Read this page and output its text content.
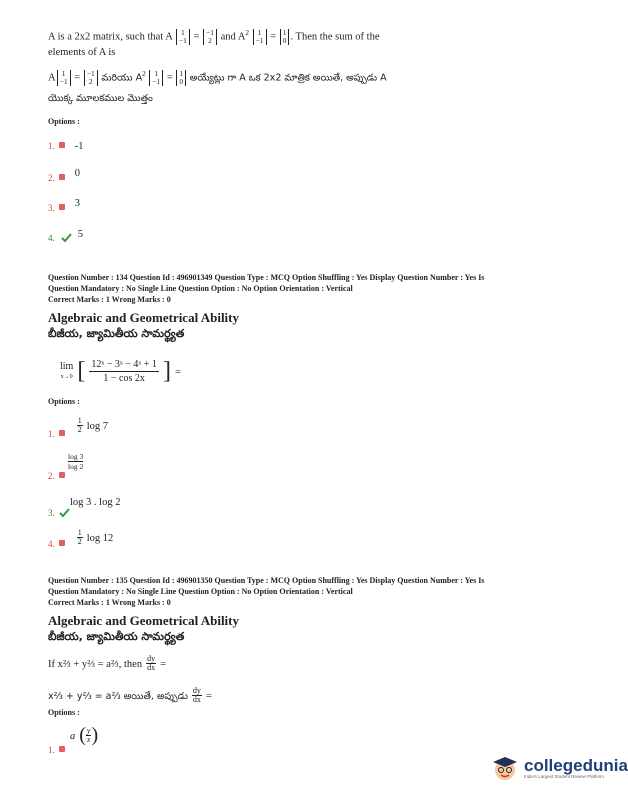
A is a 2x2 matrix, such that A 1
−1 = −1
2 and $A^2$ 1
−1 = 1
0 . Then the sum of the
elements of A is
A 1
−1 = −1
2 మరియు $A^2$ 1
−1 = 1
0 అయ్యేట్లు గా A ఒక 2x2 మాత్రిక అయితే, అప్పుడు A
యొక్క మూలకముల మొత్తం
Options :
1. -1
2. $^0$
3. $^3$
4. $^5$
Question Number : 134 Question Id : 496901349 Question Type : MCQ Option Shuffling : Yes Display Question Number : Yes Is
Question Mandatory : No Single Line Question Option : No Option Orientation : Vertical
Correct Marks : 1 Wrong Marks : 0
Algebraic and Geometrical Ability
బీజీయ, జ్యామితీయ సామర్థ్యత
lim
x→0 [ $\frac{\text{12ˣ − 3ˣ − 4ˣ + 1}}{1 - \cos 2x}$ ] =
Options :
$_{1.}$
$\frac{1}{2}$ log 7
$\frac{\log 3}{\log 2}$
2.
log 3 . log 2
3.
$_{4.}$	$\frac{1}{2}$ log 12
Question Number : 135 Question Id : 496901350 Question Type : MCQ Option Shuffling : Yes Display Question Number : Yes Is
Question Mandatory : No Single Line Question Option : No Option Orientation : Vertical
Correct Marks : 1 Wrong Marks : 0
Algebraic and Geometrical Ability
బీజీయ, జ్యామితీయ సామర్థ్యత
If x⅔ + y⅔ = a⅔, then $\frac{dy}{dx}$ =
x⅔ + y⅔ = a⅔ అయితే, అప్పుడు $\frac{dy}{dx}$ =
Options :
a ( $\frac{y}{x}$ )
1.

collegedunia
India's Largest Student Review Platform
